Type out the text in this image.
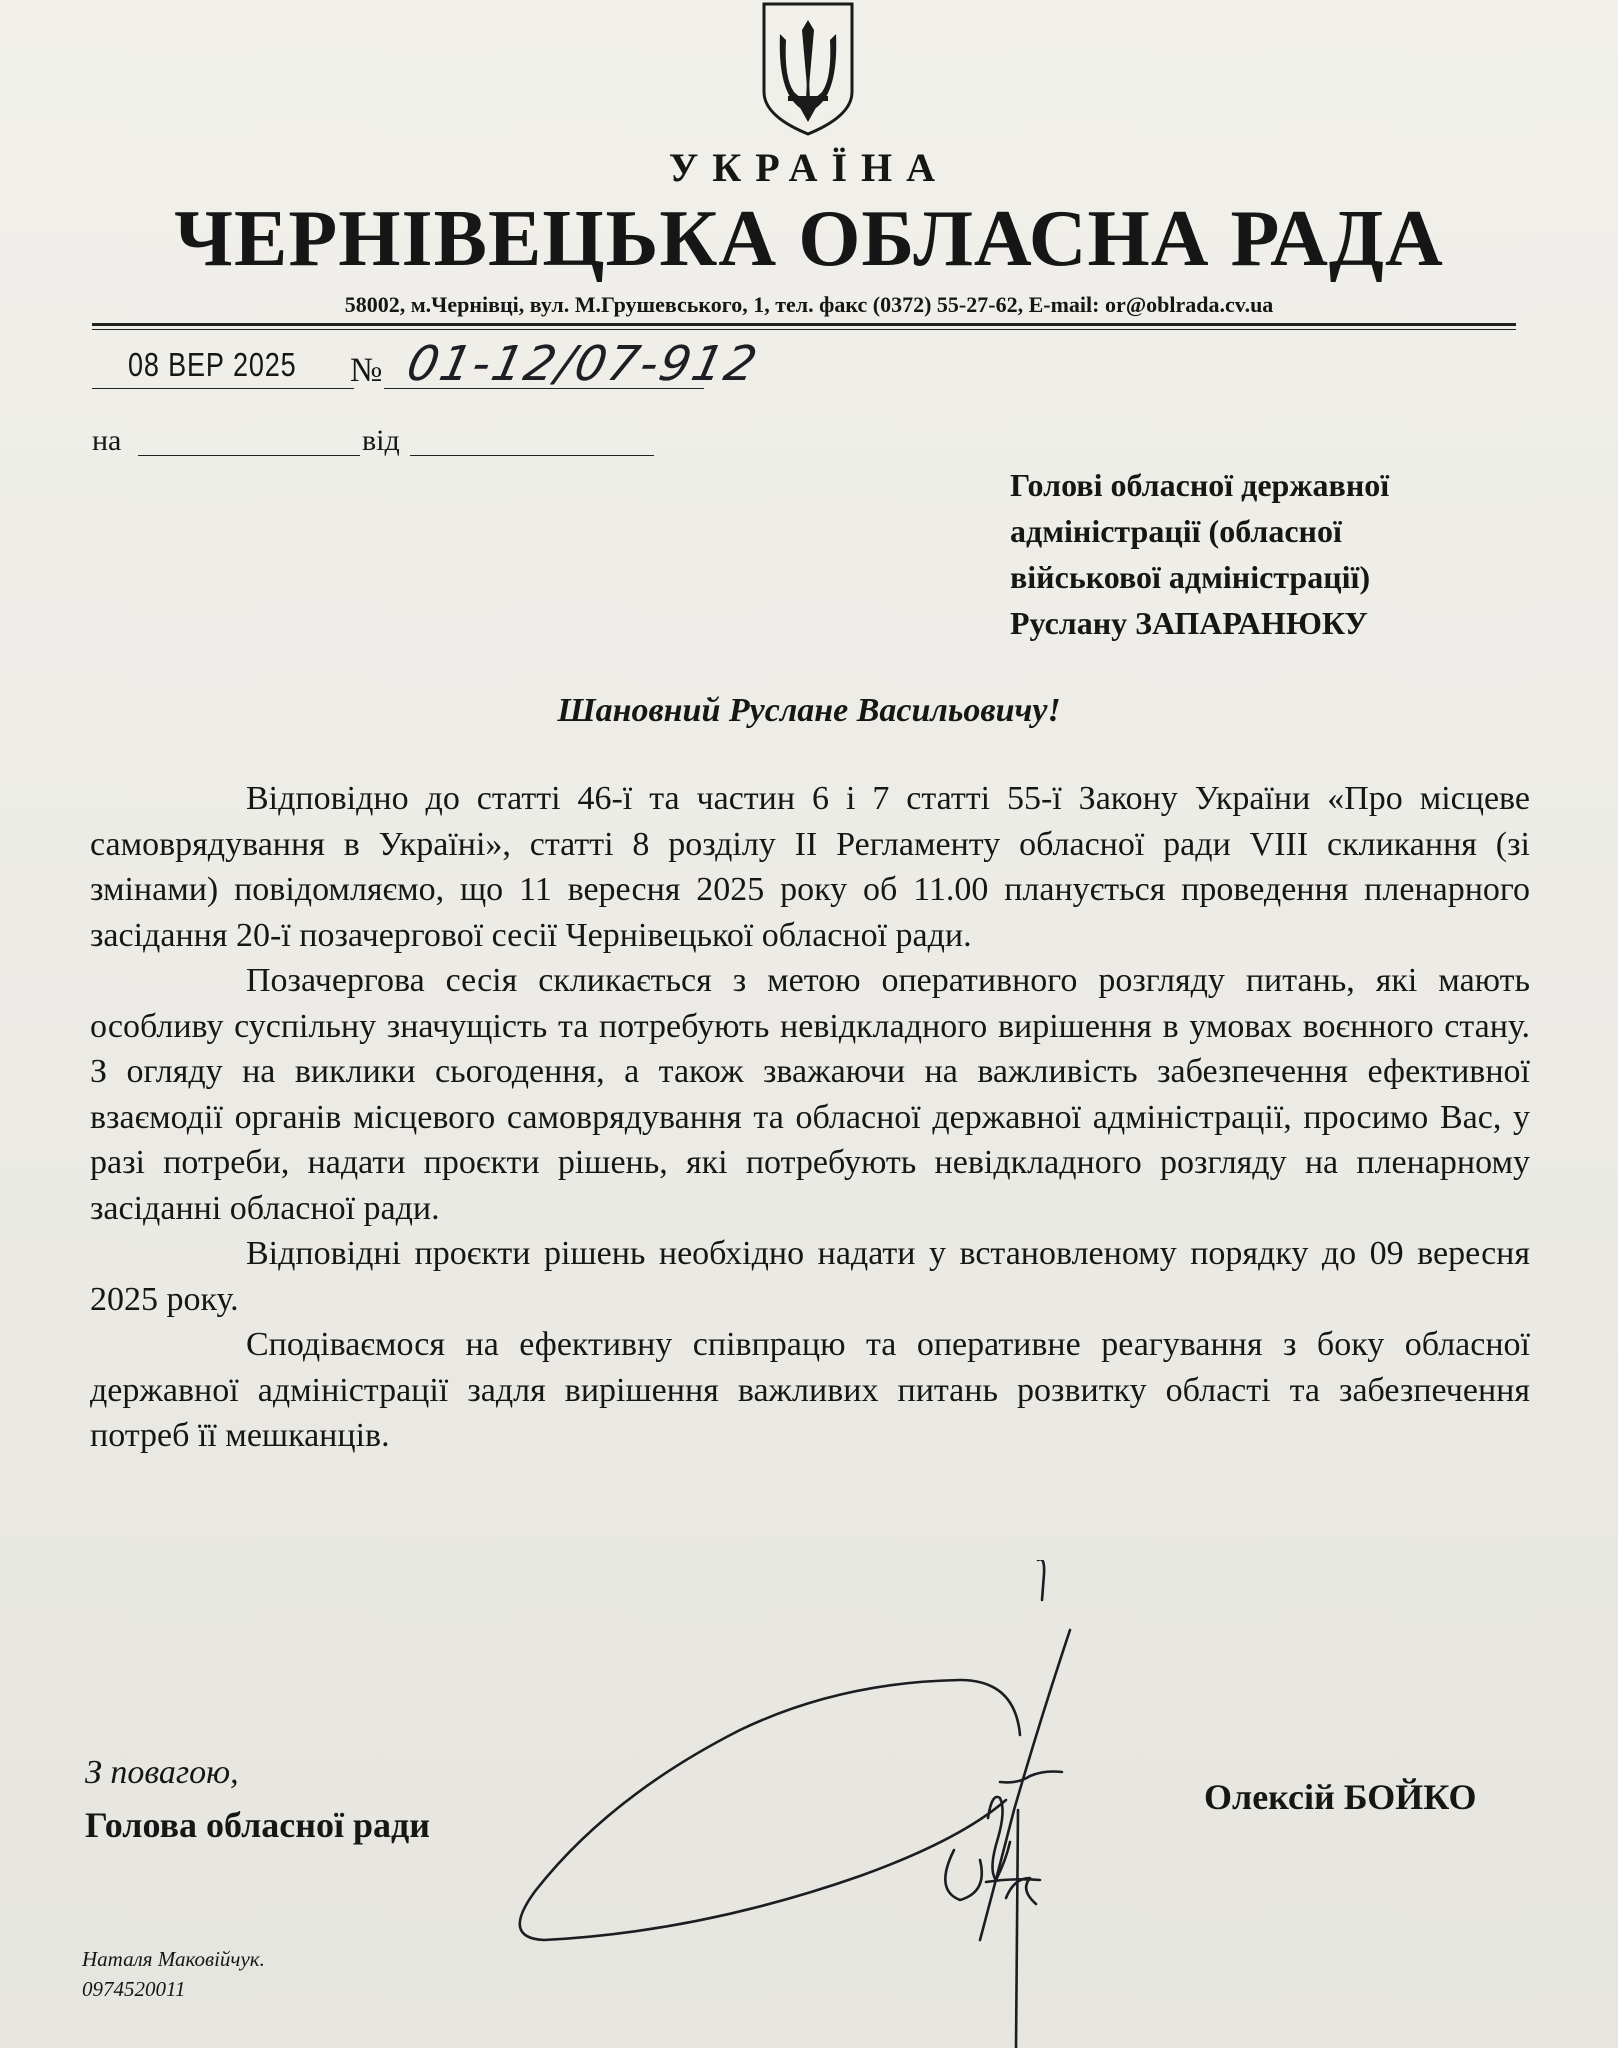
УКРАЇНА
ЧЕРНІВЕЦЬКА ОБЛАСНА РАДА
58002, м.Чернівці, вул. М.Грушевського, 1, тел. факс (0372) 55-27-62, E-mail: or@oblrada.cv.ua
08 ВЕР 2025 № 01-12/07-912
на	від
Голові обласної державної
адміністрації (обласної
військової адміністрації)
Руслану ЗАПАРАНЮКУ
Шановний Руслане Васильовичу!

Відповідно до статті 46-ї та частин 6 і 7 статті 55-ї Закону України «Про місцеве самоврядування в Україні», статті 8 розділу ІІ Регламенту обласної ради VIII скликання (зі змінами) повідомляємо, що 11 вересня 2025 року об 11.00 планується проведення пленарного засідання 20-ї позачергової сесії Чернівецької обласної ради.

Позачергова сесія скликається з метою оперативного розгляду питань, які мають особливу суспільну значущість та потребують невідкладного вирішення в умовах воєнного стану. З огляду на виклики сьогодення, а також зважаючи на важливість забезпечення ефективної взаємодії органів місцевого самоврядування та обласної державної адміністрації, просимо Вас, у разі потреби, надати проєкти рішень, які потребують невідкладного розгляду на пленарному засіданні обласної ради.

Відповідні проєкти рішень необхідно надати у встановленому порядку до 09 вересня 2025 року.

Сподіваємося на ефективну співпрацю та оперативне реагування з боку обласної державної адміністрації задля вирішення важливих питань розвитку області та забезпечення потреб її мешканців.

З повагою,
Голова обласної ради
Олексій БОЙКО
Наталя Маковійчук.
0974520011
